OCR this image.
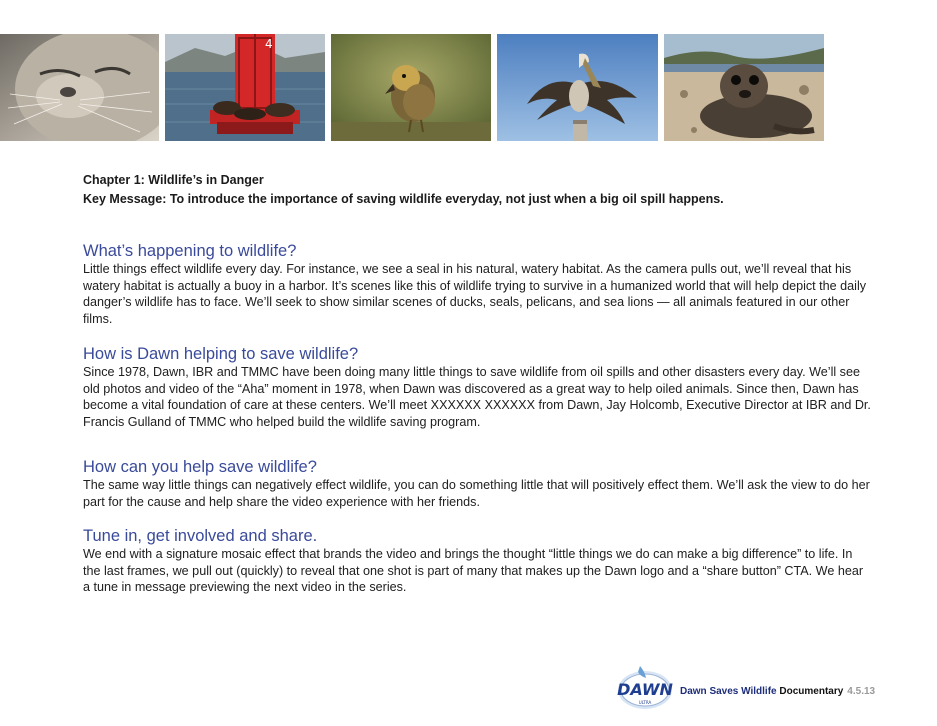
4
Chapter 1: Wildlife’s in Danger
Key Message: To introduce the importance of saving wildlife everyday, not just when a big oil spill happens.
What’s happening to wildlife?
Little things effect wildlife every day. For instance, we see a seal in his natural, watery habitat. As the camera pulls out, we’ll reveal that his watery habitat is actually a buoy in a harbor. It’s scenes like this of wildlife trying to survive in a humanized world that will help depict the daily danger’s wildlife has to face. We’ll seek to show similar scenes of ducks, seals, pelicans, and sea lions — all animals featured in our other films.
How is Dawn helping to save wildlife?
Since 1978, Dawn, IBR and TMMC have been doing many little things to save wildlife from oil spills and other disasters every day. We’ll see old photos and video of the “Aha” moment in 1978, when Dawn was discovered as a great way to help oiled animals. Since then, Dawn has become a vital foundation of care at these centers. We’ll meet XXXXXX XXXXXX from Dawn, Jay Holcomb, Executive Director at IBR and Dr. Francis Gulland of TMMC who helped build the wildlife saving program.
How can you help save wildlife?
The same way little things can negatively effect wildlife, you can do something little that will positively effect them. We’ll ask the view to do her part for the cause and help share the video experience with her friends.
Tune in, get involved and share.
We end with a signature mosaic effect that brands the video and brings the thought “little things we do can make a big difference” to life. In the last frames, we pull out (quickly) to reveal that one shot is part of many that makes up the Dawn logo and a “share button” CTA. We hear a tune in message previewing the next video in the series.
DAWN
ULTRA
Dawn Saves Wildlife Documentary 4.5.13
